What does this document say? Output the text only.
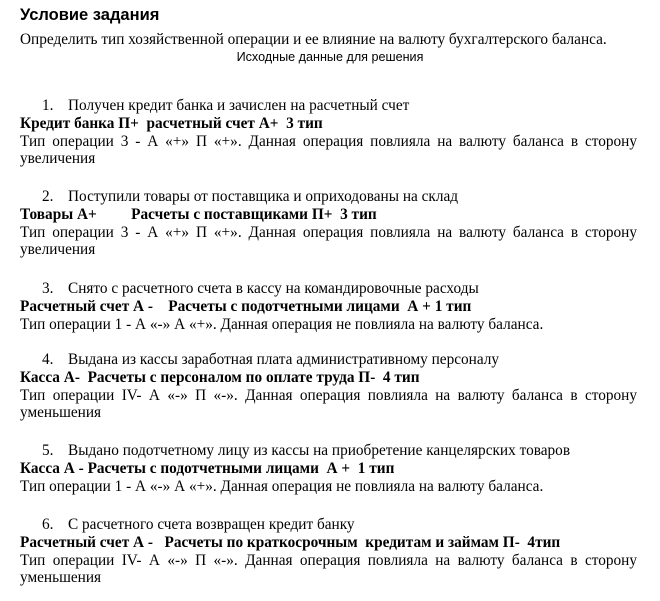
Условие задания
Определить тип хозяйственной операции и ее влияние на валюту бухгалтерского баланса.
Исходные данные для решения
1. Получен кредит банка и зачислен на расчетный счет
Кредит банка П+  расчетный счет А+  3 тип
Тип операции 3 - А «+» П «+». Данная операция повлияла на валюту баланса в сторону увеличения
2. Поступили товары от поставщика и оприходованы на склад
Товары А+         Расчеты с поставщиками П+  3 тип
Тип операции 3 - А «+» П «+». Данная операция повлияла на валюту баланса в сторону увеличения
3. Снято с расчетного счета в кассу на командировочные расходы
Расчетный счет А -    Расчеты с подотчетными лицами  А + 1 тип
Тип операции 1 - А «-» А «+». Данная операция не повлияла на валюту баланса.
4. Выдана из кассы заработная плата административному персоналу
Касса А-  Расчеты с персоналом по оплате труда П-  4 тип
Тип операции IV- А «-» П «-». Данная операция повлияла на валюту баланса в сторону уменьшения
5. Выдано подотчетному лицу из кассы на приобретение канцелярских товаров
Касса А - Расчеты с подотчетными лицами  А +  1 тип
Тип операции 1 - А «-» А «+». Данная операция не повлияла на валюту баланса.
6. С расчетного счета возвращен кредит банку
Расчетный счет А -   Расчеты по краткосрочным  кредитам и займам П-  4тип
Тип операции IV- А «-» П «-». Данная операция повлияла на валюту баланса в сторону уменьшения
